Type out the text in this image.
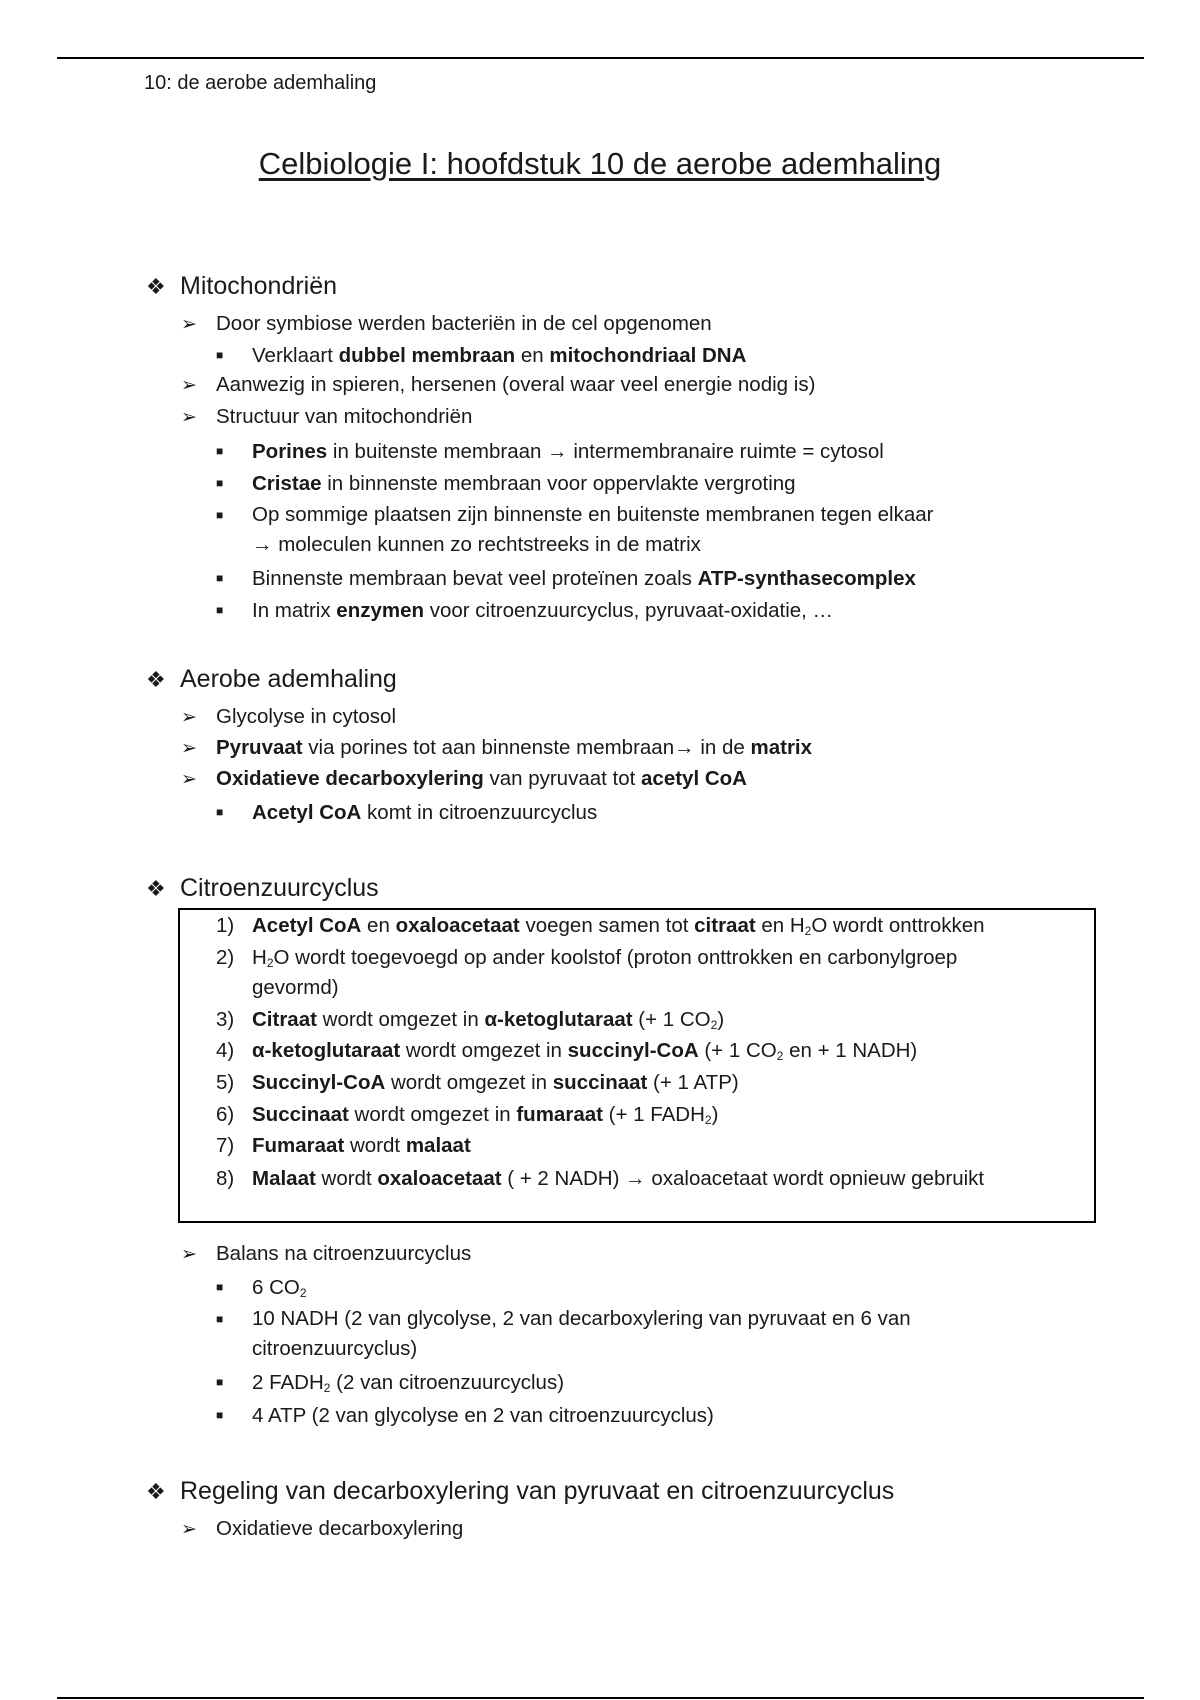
10: de aerobe ademhaling
Celbiologie I: hoofdstuk 10 de aerobe ademhaling
❖ Mitochondriën
➢ Door symbiose werden bacteriën in de cel opgenomen
■ Verklaart dubbel membraan en mitochondriaal DNA
➢ Aanwezig in spieren, hersenen (overal waar veel energie nodig is)
➢ Structuur van mitochondriën
■ Porines in buitenste membraan → intermembranaire ruimte = cytosol
■ Cristae in binnenste membraan voor oppervlakte vergroting
■ Op sommige plaatsen zijn binnenste en buitenste membranen tegen elkaar
→ moleculen kunnen zo rechtstreeks in de matrix
■ Binnenste membraan bevat veel proteïnen zoals ATP-synthasecomplex
■ In matrix enzymen voor citroenzuurcyclus, pyruvaat-oxidatie, …
❖ Aerobe ademhaling
➢ Glycolyse in cytosol
➢ Pyruvaat via porines tot aan binnenste membraan→ in de matrix
➢ Oxidatieve decarboxylering van pyruvaat tot acetyl CoA
■ Acetyl CoA komt in citroenzuurcyclus
❖ Citroenzuurcyclus
1) Acetyl CoA en oxaloacetaat voegen samen tot citraat en $H_2O$ wordt onttrokken
2) $H_2O$ wordt toegevoegd op ander koolstof (proton onttrokken en carbonylgroep
gevormd)
3) Citraat wordt omgezet in α-ketoglutaraat (+ 1 $CO_2$)
4) α-ketoglutaraat wordt omgezet in succinyl-CoA (+ 1 $CO_2$ en + 1 NADH)
5) Succinyl-CoA wordt omgezet in succinaat (+ 1 ATP)
6) Succinaat wordt omgezet in fumaraat (+ 1 $FADH_2$)
7) Fumaraat wordt malaat
8) Malaat wordt oxaloacetaat ( + 2 NADH) → oxaloacetaat wordt opnieuw gebruikt
➢ Balans na citroenzuurcyclus
■ 6 $CO_2$
■ 10 NADH (2 van glycolyse, 2 van decarboxylering van pyruvaat en 6 van
citroenzuurcyclus)
■ 2 $FADH_2$ (2 van citroenzuurcyclus)
■ 4 ATP (2 van glycolyse en 2 van citroenzuurcyclus)
❖ Regeling van decarboxylering van pyruvaat en citroenzuurcyclus
➢ Oxidatieve decarboxylering
